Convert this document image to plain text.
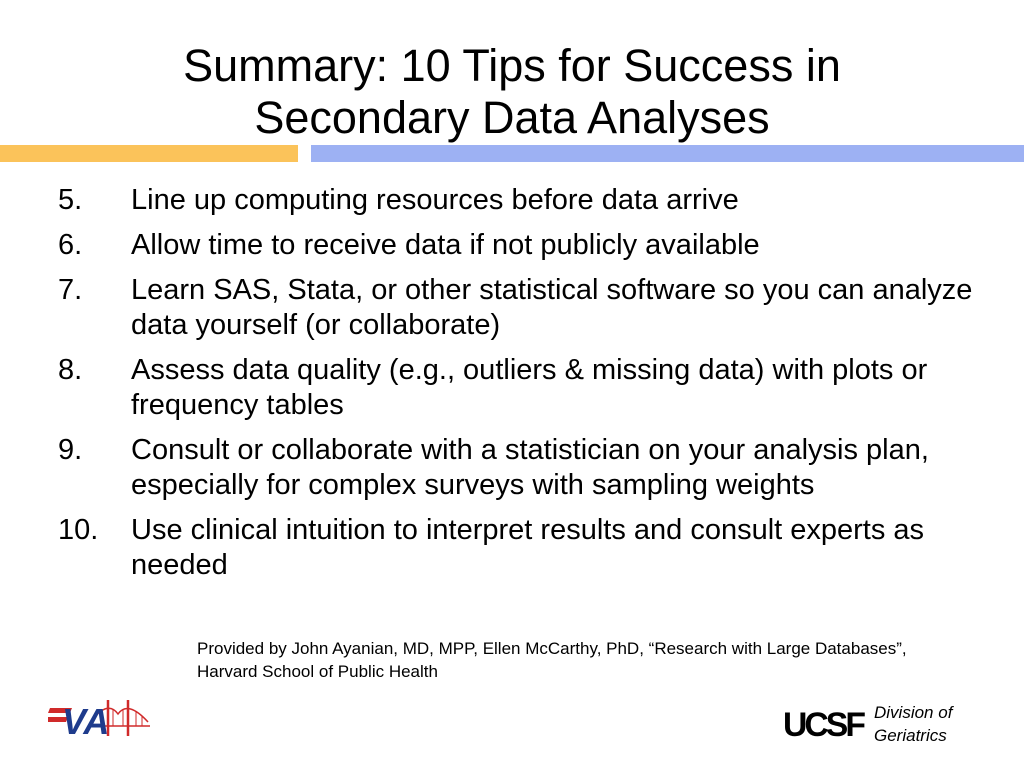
Summary: 10 Tips for Success in
Secondary Data Analyses
5. Line up computing resources before data arrive
6. Allow time to receive data if not publicly available
7. Learn SAS, Stata, or other statistical software so you can analyze data yourself (or collaborate)
8. Assess data quality (e.g., outliers & missing data) with plots or frequency tables
9. Consult or collaborate with a statistician on your analysis plan, especially for complex surveys with sampling weights
10. Use clinical intuition to interpret results and consult experts as needed
Provided by John Ayanian, MD, MPP, Ellen McCarthy, PhD, “Research with Large Databases”, Harvard School of Public Health
VA	UCSF Division of
Geriatrics
